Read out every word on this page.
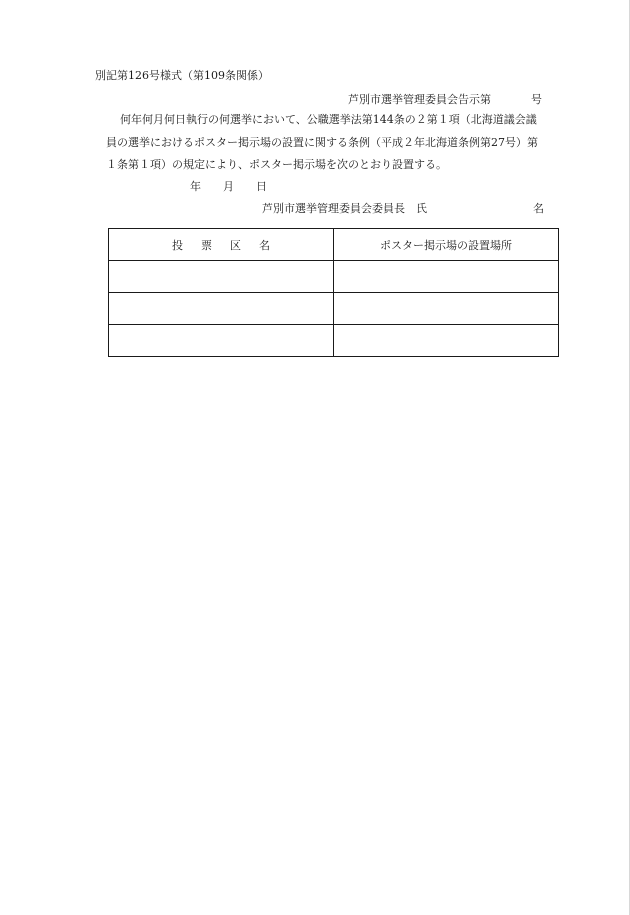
別記第126号様式（第109条関係）
芦別市選挙管理委員会告示第	号
何年何月何日執行の何選挙において、公職選挙法第144条の２第１項（北海道議会議
員の選挙におけるポスター掲示場の設置に関する条例（平成２年北海道条例第27号）第
１条第１項）の規定により、ポスター掲示場を次のとおり設置する。
年 月 日
芦別市選挙管理委員会委員長　氏	名
投票区名	ポスター掲示場の設置場所
